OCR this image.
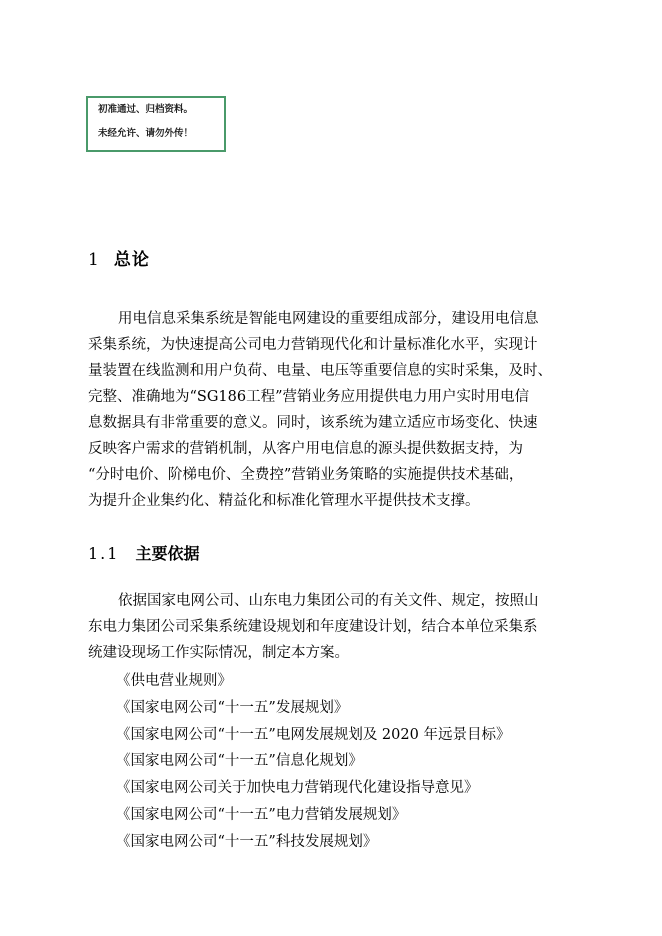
初准通过、归档资料。
未经允许、请勿外传！
1 总论
用电信息采集系统是智能电网建设的重要组成部分，建设用电信息
采集系统，为快速提高公司电力营销现代化和计量标准化水平，实现计
量装置在线监测和用户负荷、电量、电压等重要信息的实时采集，及时、
完整、准确地为“SG186工程”营销业务应用提供电力用户实时用电信
息数据具有非常重要的意义。同时，该系统为建立适应市场变化、快速
反映客户需求的营销机制，从客户用电信息的源头提供数据支持，为
“分时电价、阶梯电价、全费控”营销业务策略的实施提供技术基础，
为提升企业集约化、精益化和标准化管理水平提供技术支撑。
1.1 主要依据
依据国家电网公司、山东电力集团公司的有关文件、规定，按照山
东电力集团公司采集系统建设规划和年度建设计划，结合本单位采集系
统建设现场工作实际情况，制定本方案。
《供电营业规则》
《国家电网公司“十一五”发展规划》
《国家电网公司“十一五”电网发展规划及 2020 年远景目标》
《国家电网公司“十一五”信息化规划》
《国家电网公司关于加快电力营销现代化建设指导意见》
《国家电网公司“十一五”电力营销发展规划》
《国家电网公司“十一五”科技发展规划》
